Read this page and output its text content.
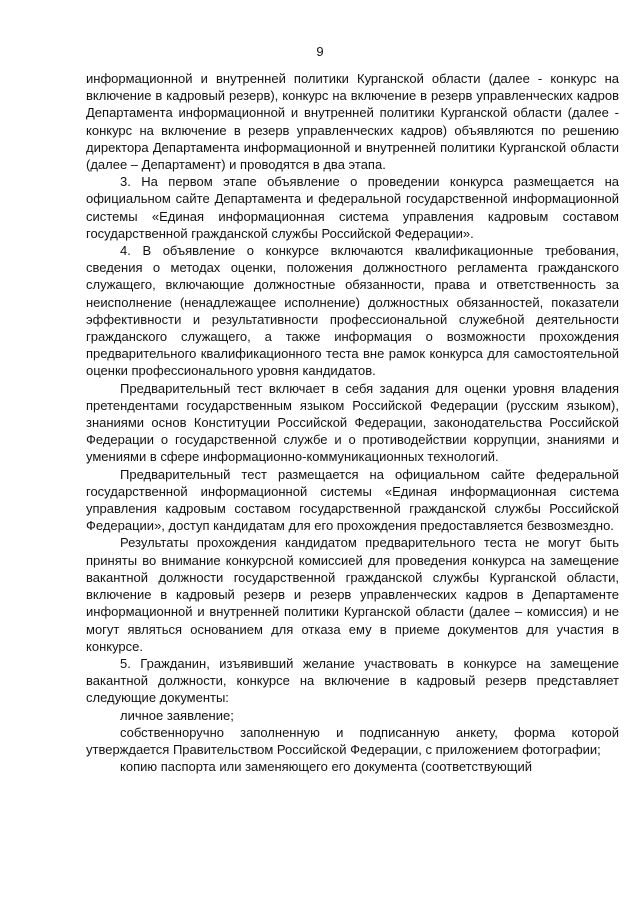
9

информационной и внутренней политики Курганской области (далее - конкурс на включение в кадровый резерв), конкурс на включение в резерв управленческих кадров Департамента информационной и внутренней политики Курганской области (далее - конкурс на включение в резерв управленческих кадров) объявляются по решению директора Департамента информационной и внутренней политики Курганской области (далее – Департамент) и проводятся в два этапа.

3. На первом этапе объявление о проведении конкурса размещается на официальном сайте Департамента и федеральной государственной информационной системы «Единая информационная система управления кадровым составом государственной гражданской службы Российской Федерации».

4. В объявление о конкурсе включаются квалификационные требования, сведения о методах оценки, положения должностного регламента гражданского служащего, включающие должностные обязанности, права и ответственность за неисполнение (ненадлежащее исполнение) должностных обязанностей, показатели эффективности и результативности профессиональной служебной деятельности гражданского служащего, а также информация о возможности прохождения предварительного квалификационного теста вне рамок конкурса для самостоятельной оценки профессионального уровня кандидатов.

Предварительный тест включает в себя задания для оценки уровня владения претендентами государственным языком Российской Федерации (русским языком), знаниями основ Конституции Российской Федерации, законодательства Российской Федерации о государственной службе и о противодействии коррупции, знаниями и умениями в сфере информационно-коммуникационных технологий.

Предварительный тест размещается на официальном сайте федеральной государственной информационной системы «Единая информационная система управления кадровым составом государственной гражданской службы Российской Федерации», доступ кандидатам для его прохождения предоставляется безвозмездно.

Результаты прохождения кандидатом предварительного теста не могут быть приняты во внимание конкурсной комиссией для проведения конкурса на замещение вакантной должности государственной гражданской службы Курганской области, включение в кадровый резерв и резерв управленческих кадров в Департаменте информационной и внутренней политики Курганской области (далее – комиссия) и не могут являться основанием для отказа ему в приеме документов для участия в конкурсе.

5. Гражданин, изъявивший желание участвовать в конкурсе на замещение вакантной должности, конкурсе на включение в кадровый резерв представляет следующие документы:

личное заявление;

собственноручно заполненную и подписанную анкету, форма которой утверждается Правительством Российской Федерации, с приложением фотографии;

копию паспорта или заменяющего его документа (соответствующий
